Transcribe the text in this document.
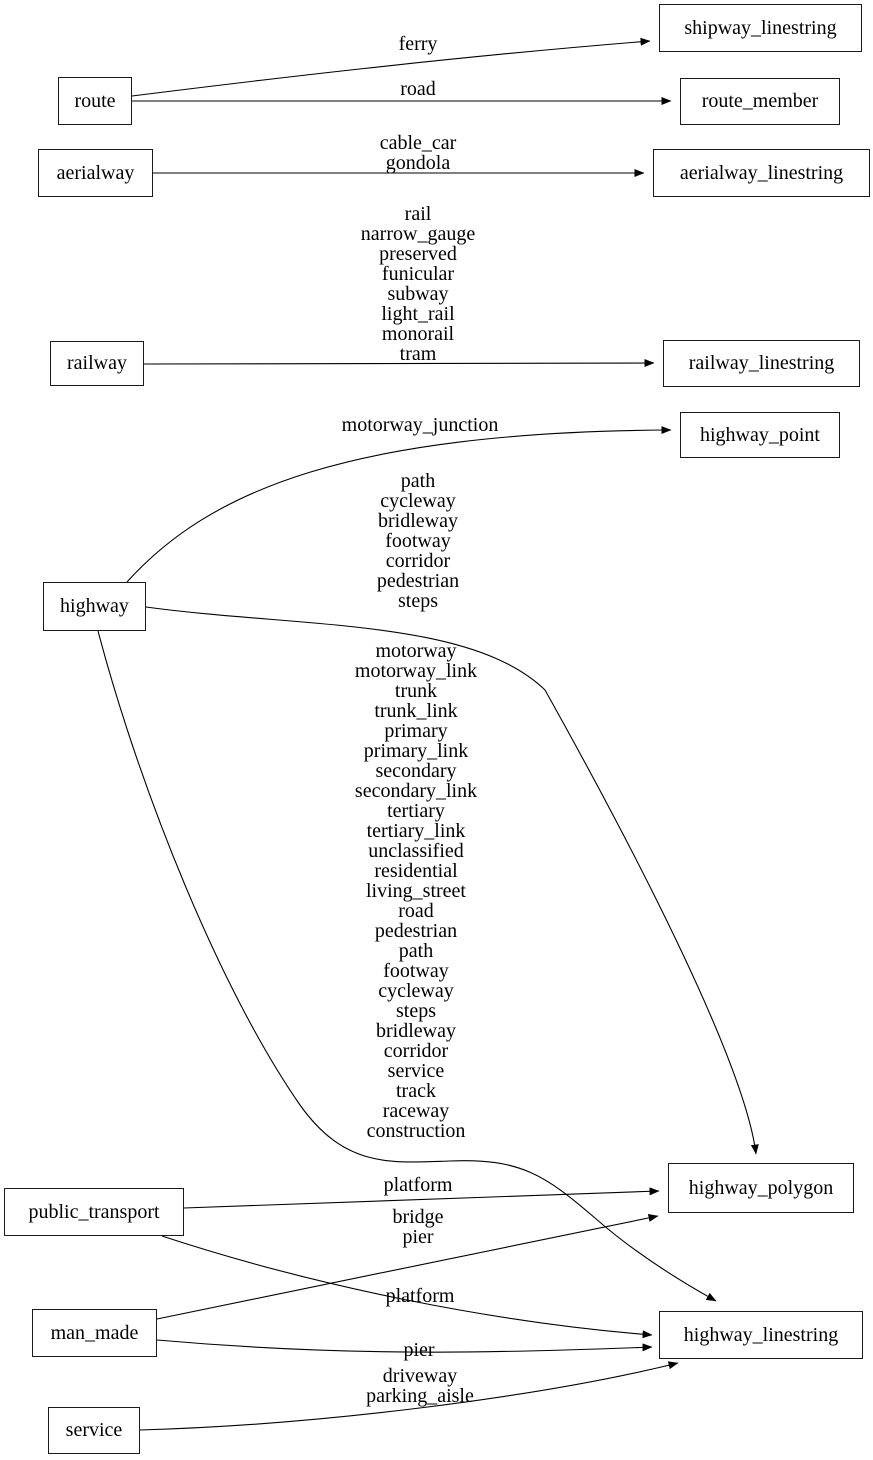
ferry
road
cable_car
gondola
rail
narrow_gauge
preserved
funicular
subway
light_rail
monorail
tram
motorway_junction
path
cycleway
bridleway
footway
corridor
pedestrian
steps
motorway
motorway_link
trunk
trunk_link
primary
primary_link
secondary
secondary_link
tertiary
tertiary_link
unclassified
residential
living_street
road
pedestrian
path
footway
cycleway
steps
bridleway
corridor
service
track
raceway
construction
platform
platform
bridge
pier
pier
driveway
parking_aisle
route
shipway_linestring
route_member
aerialway	aerialway_linestring
railway	railway_linestring
highway_point
highway
highway_polygon
public_transport
man_made	highway_linestring
service
